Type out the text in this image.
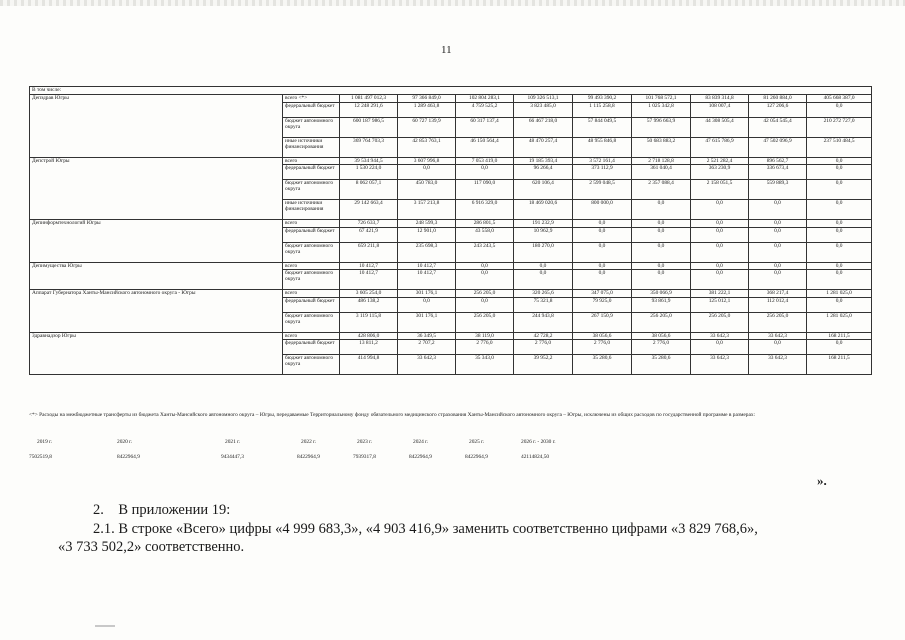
11
В том числе:										
Депздрав Югры	всего <*>	1 081 497 012,3	97 366 849,0	102 804 283,1	109 326 513,1	99 493 390,2	101 768 572,1	83 839 314,8	81 260 884,0	405 668 387,0
	федеральный бюджет	12 248 291,6	1 289 463,8	4 759 525,2	3 823 485,0	1 115 258,8	1 025 342,8	108 007,4	127 206,6	0,0
	бюджет автономного округа	600 187 986,5	60 727 139,9	60 317 137,4	66 467 218,0	57 844 049,5	57 996 663,9	44 308 505,4	42 054 545,4	210 272 727,0
	иные источники финансирования	369 764 703,3	42 853 763,1	46 150 564,4	48 470 257,4	48 955 846,8	50 683 883,2	47 615 786,9	47 502 096,9	237 510 484,5
Депстрой Югры	всего	39 534 944,5	3 607 996,8	7 053 419,0	19 185 393,4	3 572 161,4	2 718 128,8	2 521 282,4	896 562,7	0,0
	федеральный бюджет	1 530 224,0	0,0	0,0	96 266,4	373 112,9	361 040,4	363 230,9	336 673,4	0,0
	бюджет автономного округа	8 062 057,1	450 783,0	117 090,0	620 106,4	2 599 048,5	2 357 088,4	2 158 051,5	559 889,3	0,0
	иные источники финансирования	29 142 663,4	3 157 213,8	6 916 329,0	18 469 020,6	800 000,0	0,0	0,0	0,0	0,0
Депинформтехнологий Югры	всего	726 633,7	248 599,3	286 801,5	191 232,9	0,0	0,0	0,0	0,0	0,0
	федеральный бюджет	67 421,9	12 901,0	43 558,0	10 962,9	0,0	0,0	0,0	0,0	0,0
	бюджет автономного округа	659 211,8	235 698,3	243 243,5	180 270,0	0,0	0,0	0,0	0,0	0,0
Депимущества Югры	всего	10 412,7	10 412,7	0,0	0,0	0,0	0,0	0,0	0,0	0,0
	бюджет автономного округа	10 412,7	10 412,7	0,0	0,0	0,0	0,0	0,0	0,0	0,0
Аппарат Губернатора Ханты-Мансийского автономного округа - Югры	всего	3 605 254,0	301 176,1	256 205,0	320 265,6	347 075,0	350 066,9	381 222,1	368 217,4	1 281 025,0
	федеральный бюджет	486 138,2	0,0	0,0	75 321,8	79 925,0	93 861,9	125 012,1	112 012,4	0,0
	бюджет автономного округа	3 119 115,8	301 176,1	256 205,0	244 943,8	267 150,9	256 205,0	256 205,0	256 205,0	1 281 025,0
Здравнадзор Югры	всего	428 806,0	36 349,5	38 119,0	42 728,2	38 056,6	38 056,6	33 642,3	33 642,3	168 211,5
	федеральный бюджет	13 811,2	2 707,2	2 776,0	2 776,0	2 776,0	2 776,0	0,0	0,0	0,0
	бюджет автономного округа	414 994,8	33 642,3	35 343,0	39 952,2	35 280,6	35 280,6	33 642,3	33 642,3	168 211,5
<*> Расходы на межбюджетные трансферты из бюджета Ханты-Мансийского автономного округа – Югры, передаваемые Территориальному фонду обязательного медицинского страхования Ханты-Мансийского автономного округа – Югры, исключены из общих расходов по государственной программе в размерах:
2019 г.	2020 г.	2021 г.	2022 г.	2023 г.	2024 г.	2025 г.	2026 г. - 2030 г.
7502519,8	8422964,9	9434447,3	8422964,9	7939317,8	8422964,9	8422964,9	42114824,50
».
2. В приложении 19:
2.1. В строке «Всего» цифры «4 999 683,3», «4 903 416,9» заменить соответственно цифрами «3 829 768,6»,
«3 733 502,2» соответственно.
